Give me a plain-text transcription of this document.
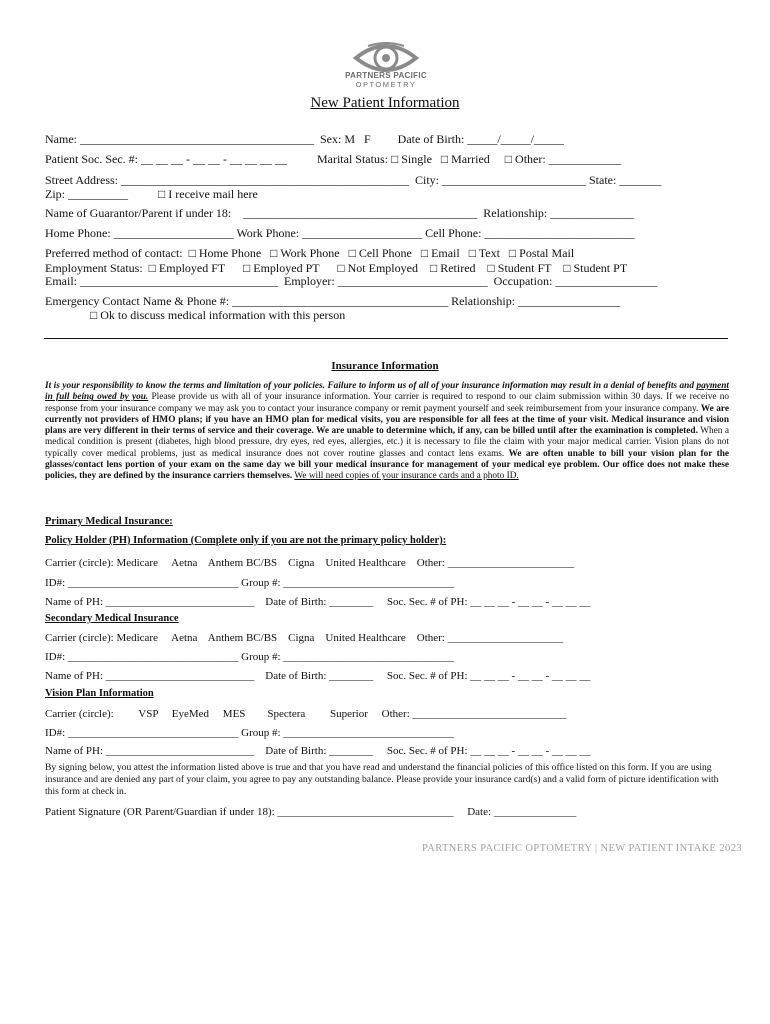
PARTNERS PACIFIC
OPTOMETRY
New Patient Information
Name: _______________________________________  Sex: M   F         Date of Birth: _____/_____/_____
Patient Soc. Sec. #: __ __ __ - __ __ - __ __ __ __          Marital Status: □ Single   □ Married     □ Other: ____________
Street Address: ________________________________________________  City: ________________________ State: _______
Zip: __________          □ I receive mail here
Name of Guarantor/Parent if under 18:    _______________________________________  Relationship: ______________
Home Phone: ____________________ Work Phone: ____________________ Cell Phone: _________________________
Preferred method of contact:  □ Home Phone   □ Work Phone   □ Cell Phone   □ Email   □ Text   □ Postal Mail
Employment Status:  □ Employed FT      □ Employed PT      □ Not Employed    □ Retired    □ Student FT    □ Student PT
Email: _________________________________  Employer: _________________________  Occupation: _________________
Emergency Contact Name & Phone #: ____________________________________ Relationship: _________________
□ Ok to discuss medical information with this person
Insurance Information
It is your responsibility to know the terms and limitation of your policies. Failure to inform us of all of your insurance information may result in a denial of benefits and payment in full being owed by you. Please provide us with all of your insurance information. Your carrier is required to respond to our claim submission within 30 days. If we receive no response from your insurance company we may ask you to contact your insurance company or remit payment yourself and seek reimbursement from your insurance company. We are currently not providers of HMO plans; if you have an HMO plan for medical visits, you are responsible for all fees at the time of your visit. Medical insurance and vision plans are very different in their terms of service and their coverage. We are unable to determine which, if any, can be billed until after the examination is completed. When a medical condition is present (diabetes, high blood pressure, dry eyes, red eyes, allergies, etc.) it is necessary to file the claim with your major medical carrier. Vision plans do not typically cover medical problems, just as medical insurance does not cover routine glasses and contact lens exams. We are often unable to bill your vision plan for the glasses/contact lens portion of your exam on the same day we bill your medical insurance for management of your medical eye problem. Our office does not make these policies, they are defined by the insurance carriers themselves. We will need copies of your insurance cards and a photo ID.
Primary Medical Insurance:
Policy Holder (PH) Information (Complete only if you are not the primary policy holder):
Carrier (circle): Medicare     Aetna    Anthem BC/BS    Cigna    United Healthcare    Other: _______________________
ID#: _______________________________ Group #: _______________________________
Name of PH: ___________________________    Date of Birth: ________     Soc. Sec. # of PH: __ __ __ - __ __ - __ __ __
Secondary Medical Insurance
Carrier (circle): Medicare     Aetna    Anthem BC/BS    Cigna    United Healthcare    Other: _____________________
ID#: _______________________________ Group #: _______________________________
Name of PH: ___________________________    Date of Birth: ________     Soc. Sec. # of PH: __ __ __ - __ __ - __ __ __
Vision Plan Information
Carrier (circle):         VSP     EyeMed     MES        Spectera         Superior     Other: ____________________________
ID#: _______________________________ Group #: _______________________________
Name of PH: ___________________________    Date of Birth: ________     Soc. Sec. # of PH: __ __ __ - __ __ - __ __ __
By signing below, you attest the information listed above is true and that you have read and understand the financial policies of this office listed on this form. If you are using insurance and are denied any part of your claim, you agree to pay any outstanding balance. Please provide your insurance card(s) and a valid form of picture identification with this form at check in.
Patient Signature (OR Parent/Guardian if under 18): ________________________________     Date: _______________
PARTNERS PACIFIC OPTOMETRY | NEW PATIENT INTAKE 2023
